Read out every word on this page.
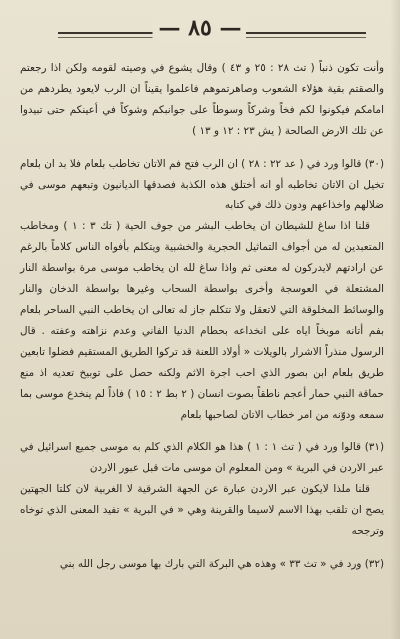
— ٨٥ —

وأنت تكون ذنباً ( تث ٢٨ : ٢٥ و ٤٣ ) وقال يشوع في وصيته لقومه ولكن اذا رجعتم والصقتم بقية هؤلاء الشعوب وصاهرتموهم فاعلموا يقيناً ان الرب لايعود يطردهم من امامكم فيكونوا لكم فخاً وشركاً وسوطاً على جوانبكم وشوكاً في أعينكم حتى تبيدوا عن تلك الارض الصالحة ( يش ٢٣ : ١٢ و ١٣ )

(٣٠) قالوا ورد في ( عد ٢٢ : ٢٨ ) ان الرب فتح فم الاتان تخاطب بلعام فلا بد ان بلعام تخيل ان الاتان تخاطبه أو انه أختلق هذه الكذبة فصدقها الديانيون وتبعهم موسى في ضلالهم واخذاعهم ودون ذلك في كتابه

قلنا اذا ساغ للشيطان ان يخاطب البشر من جوف الحية ( تك ٣ : ١ ) ومخاطب المتعبدين له من أجواف التماثيل الحجرية والخشبية ويتكلم بأفواه الناس كلاماً بالرغم عن ارادتهم لايدركون له معنى ثم واذا ساغ لله ان يخاطب موسى مرة بواسطة النار المشتعلة في العوسجة وأخرى بواسطة السحاب وغيرها بواسطة الدخان والنار والوسائط المخلوقة التي لاتعقل ولا تتكلم جاز له تعالى ان يخاطب النبي الساحر بلعام بفم أتانه موبخاً اياه على انخداعه بحطام الدنيا الفاني وعدم نزاهته وعفته . قال الرسول منذراً الاشرار بالويلات « أولاد اللعنة قد تركوا الطريق المستقيم فضلوا تابعين طريق بلعام ابن بصور الذي احب اجرة الاثم ولكنه حصل على توبيخ تعديه اذ منع حماقة النبي حمار أعجم ناطقاً بصوت انسان ( ٢ بط ٢ : ١٥ ) فاذاً لم ينخدع موسى بما سمعه ودوّنه من امر خطاب الاتان لصاحبها بلعام

(٣١) قالوا ورد في ( تث ١ : ١ ) هذا هو الكلام الذي كلم به موسى جميع اسرائيل في عبر الاردن في البرية » ومن المعلوم ان موسى مات قبل عبور الاردن

قلنا ملذا لايكون عبر الاردن عبارة عن الجهة الشرقية لا الغربية لان كلتا الجهتين يصح ان تلقب بهذا الاسم لاسيما والقرينة وهي « في البرية » تفيد المعنى الذي توخاه وترجحه

(٣٢) ورد في « تث ٣٣ » وهذه هي البركة التي بارك بها موسى رجل الله بني
